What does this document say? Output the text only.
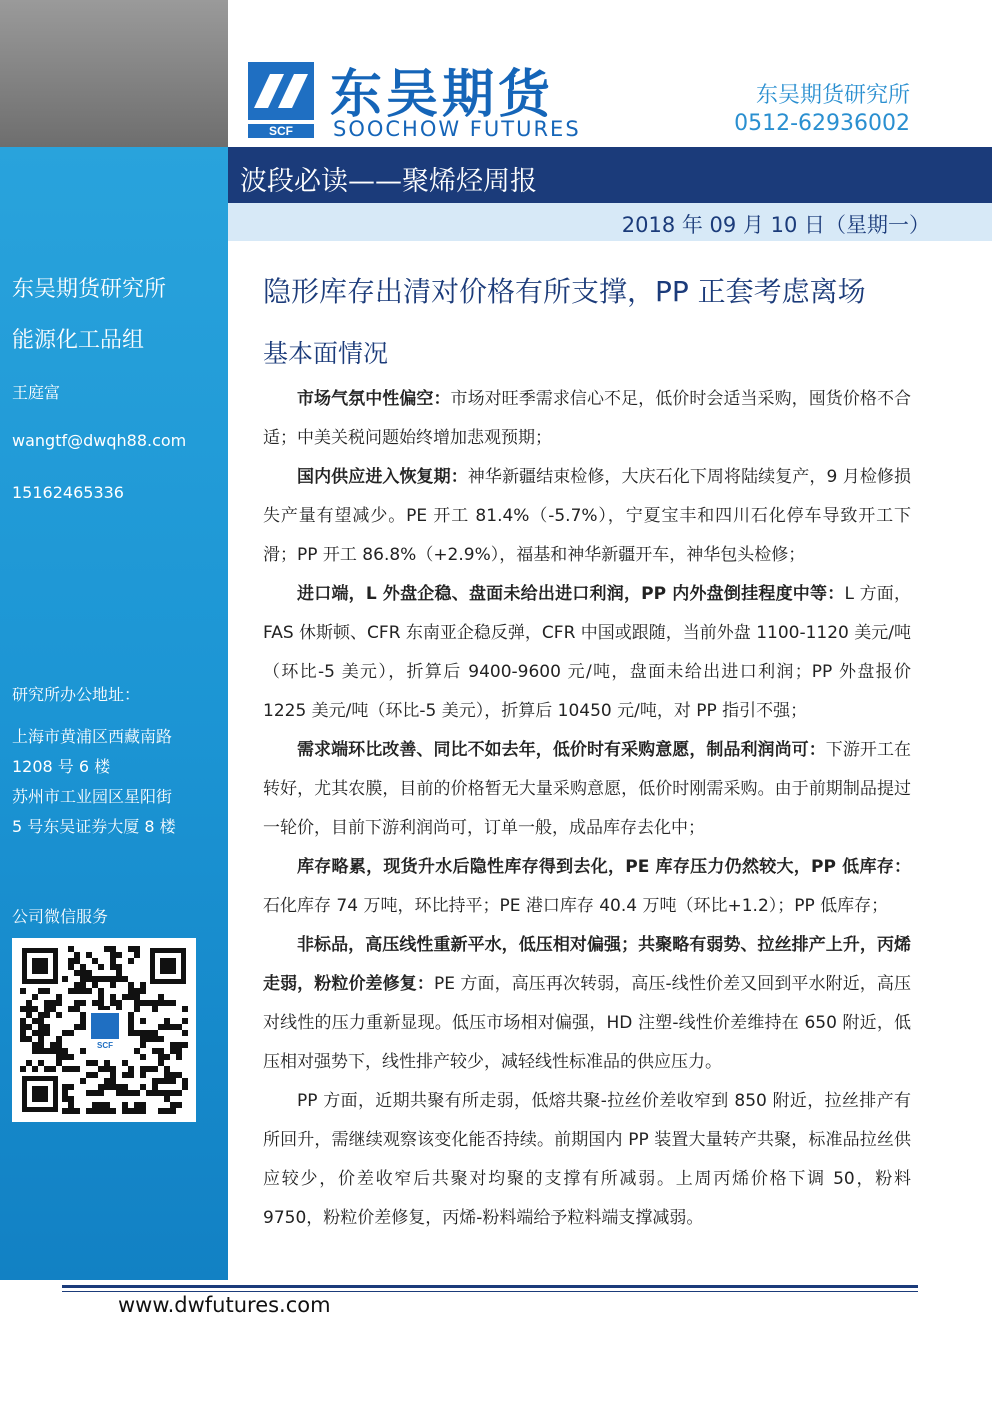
东吴期货研究所

能源化工品组

王庭富

wangtf@dwqh88.com

15162465336

研究所办公地址：

上海市黄浦区西藏南路

1208 号 6 楼

苏州市工业园区星阳街

5 号东吴证券大厦 8 楼

公司微信服务

SCF
SCF
东吴期货
SOOCHOW FUTURES
东吴期货研究所
0512-62936002
波段必读——聚烯烃周报
2018 年 09 月 10 日（星期一）
隐形库存出清对价格有所支撑，PP 正套考虑离场
基本面情况

市场气氛中性偏空：市场对旺季需求信心不足，低价时会适当采购，囤货价格不合适；中美关税问题始终增加悲观预期；

国内供应进入恢复期：神华新疆结束检修，大庆石化下周将陆续复产，9 月检修损失产量有望减少。PE 开工 81.4%（-5.7%），宁夏宝丰和四川石化停车导致开工下滑；PP 开工 86.8%（+2.9%），福基和神华新疆开车，神华包头检修；

进口端，L 外盘企稳、盘面未给出进口利润，PP 内外盘倒挂程度中等：L 方面，FAS 休斯顿、CFR 东南亚企稳反弹，CFR 中国或跟随，当前外盘 1100-1120 美元/吨（环比-5 美元），折算后 9400-9600 元/吨，盘面未给出进口利润；PP 外盘报价 1225 美元/吨（环比-5 美元），折算后 10450 元/吨，对 PP 指引不强；

需求端环比改善、同比不如去年，低价时有采购意愿，制品利润尚可：下游开工在转好，尤其农膜，目前的价格暂无大量采购意愿，低价时刚需采购。由于前期制品提过一轮价，目前下游利润尚可，订单一般，成品库存去化中；

库存略累，现货升水后隐性库存得到去化，PE 库存压力仍然较大，PP 低库存：石化库存 74 万吨，环比持平；PE 港口库存 40.4 万吨（环比+1.2）；PP 低库存；

非标品，高压线性重新平水，低压相对偏强；共聚略有弱势、拉丝排产上升，丙烯走弱，粉粒价差修复：PE 方面，高压再次转弱，高压-线性价差又回到平水附近，高压对线性的压力重新显现。低压市场相对偏强，HD 注塑-线性价差维持在 650 附近，低压相对强势下，线性排产较少，减轻线性标准品的供应压力。

PP 方面，近期共聚有所走弱，低熔共聚-拉丝价差收窄到 850 附近，拉丝排产有所回升，需继续观察该变化能否持续。前期国内 PP 装置大量转产共聚，标准品拉丝供应较少，价差收窄后共聚对均聚的支撑有所减弱。上周丙烯价格下调 50，粉料 9750，粉粒价差修复，丙烯-粉料端给予粒料端支撑减弱。

www.dwfutures.com
